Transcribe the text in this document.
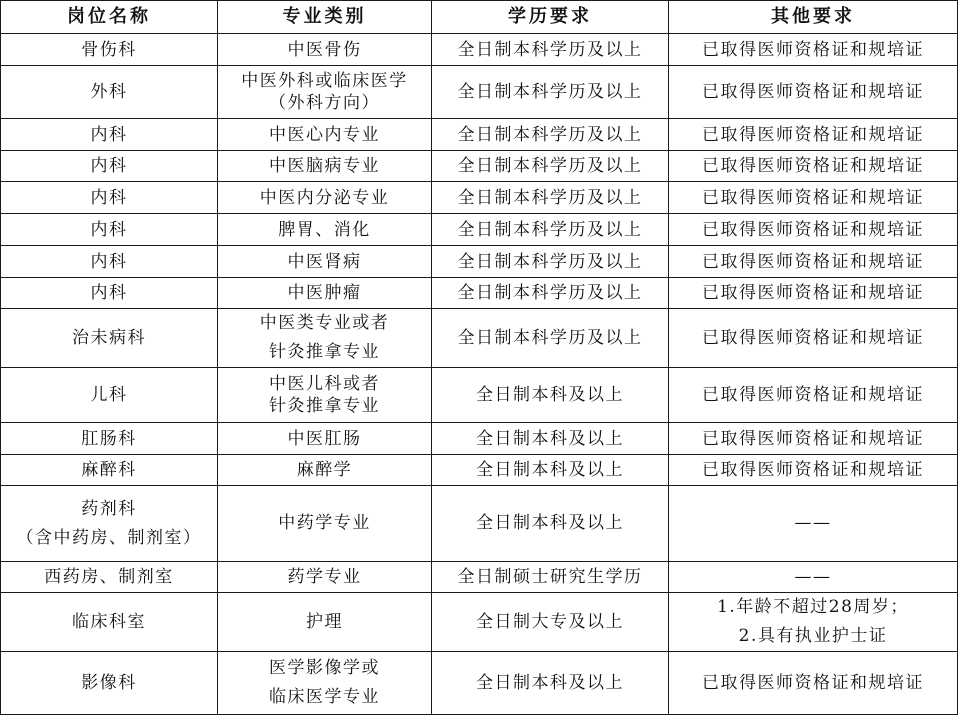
岗位名称	专业类别	学历要求	其他要求

骨伤科	中医骨伤	全日制本科学历及以上	已取得医师资格证和规培证

外科	中医外科或临床医学
（外科方向）	全日制本科学历及以上	已取得医师资格证和规培证

内科	中医心内专业	全日制本科学历及以上	已取得医师资格证和规培证

内科	中医脑病专业	全日制本科学历及以上	已取得医师资格证和规培证

内科	中医内分泌专业	全日制本科学历及以上	已取得医师资格证和规培证

内科	脾胃、消化	全日制本科学历及以上	已取得医师资格证和规培证

内科	中医肾病	全日制本科学历及以上	已取得医师资格证和规培证

内科	中医肿瘤	全日制本科学历及以上	已取得医师资格证和规培证

治未病科	中医类专业或者
针灸推拿专业	全日制本科学历及以上	已取得医师资格证和规培证

儿科	中医儿科或者
针灸推拿专业	全日制本科及以上	已取得医师资格证和规培证

肛肠科	中医肛肠	全日制本科及以上	已取得医师资格证和规培证

麻醉科	麻醉学	全日制本科及以上	已取得医师资格证和规培证

药剂科
（含中药房、制剂室）	中药学专业	全日制本科及以上	——

西药房、制剂室	药学专业	全日制硕士研究生学历	——

临床科室	护理	全日制大专及以上	1.年龄不超过28周岁；
2.具有执业护士证

影像科	医学影像学或
临床医学专业	全日制本科及以上	已取得医师资格证和规培证
